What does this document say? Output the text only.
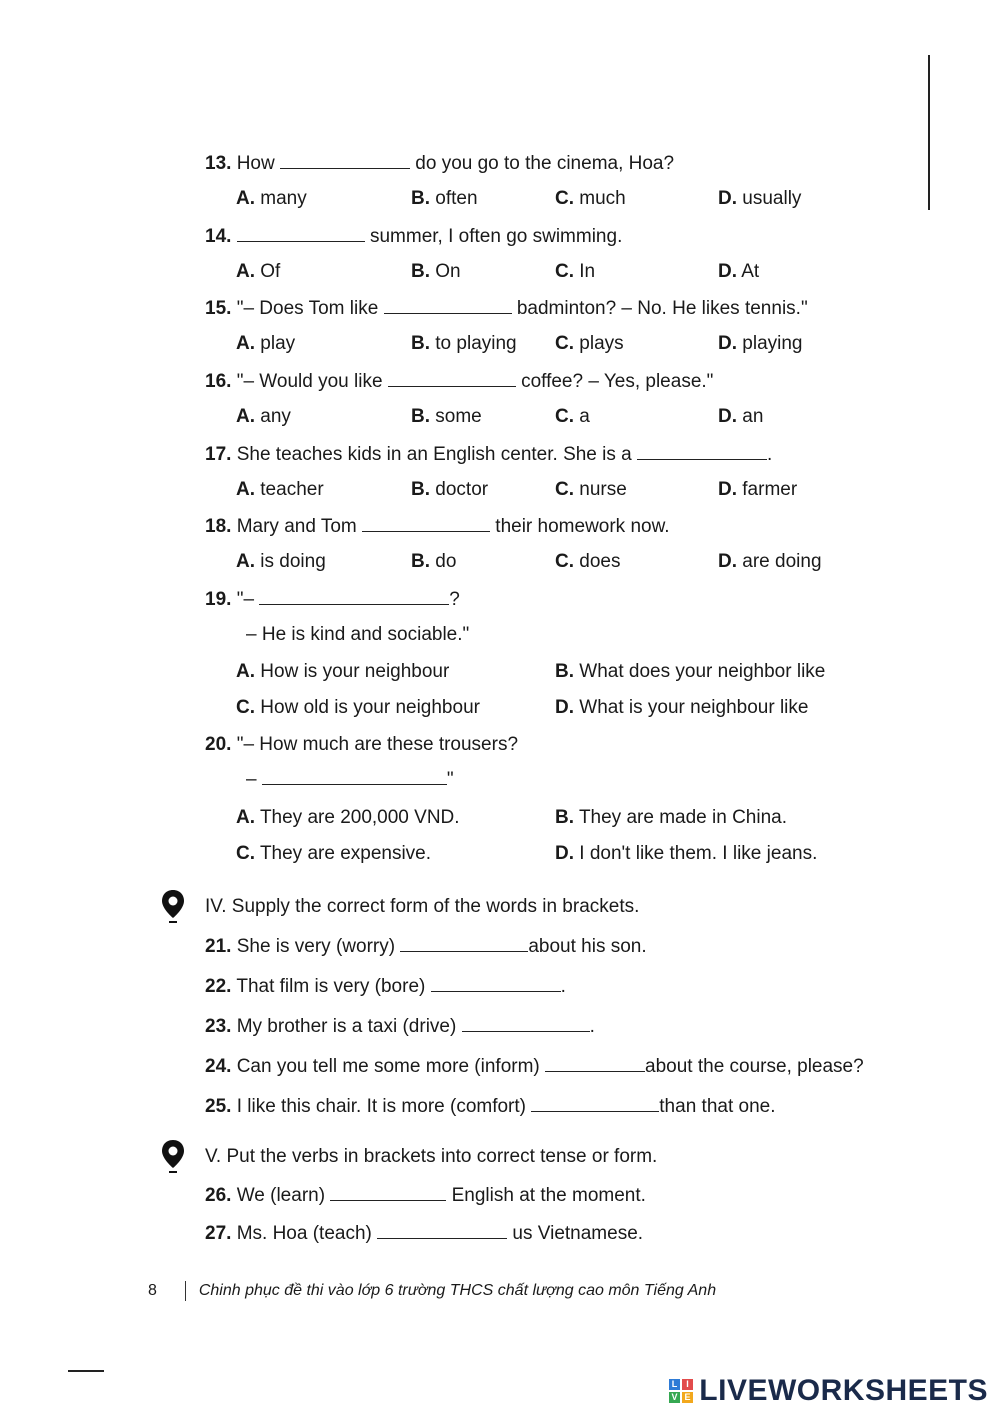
13. How	do you go to the cinema, Hoa?
A. many	B. often	C. much	D. usually
14.	summer, I often go swimming.
A. Of	B. On	C. In	D. At
15. "– Does Tom like	badminton? – No. He likes tennis."
A. play	B. to playing C. plays	D. playing
16. "– Would you like	coffee? – Yes, please."
A. any	B. some	C. a	D. an
17. She teaches kids in an English center. She is a	.
A. teacher	B. doctor	C. nurse	D. farmer
18. Mary and Tom	their homework now.
A. is doing	B. do	C. does	D. are doing
19. "–	?
– He is kind and sociable."
A. How is your neighbour	B. What does your neighbor like
C. How old is your neighbour	D. What is your neighbour like
20. "– How much are these trousers?
–	"
A. They are 200,000 VND.	B. They are made in China.
C. They are expensive.	D. I don't like them. I like jeans.
IV. Supply the correct form of the words in brackets.
21. She is very (worry)	about his son.
22. That film is very (bore)	.
23. My brother is a taxi (drive)	.
24. Can you tell me some more (inform)	about the course, please?
25. I like this chair. It is more (comfort)	than that one.
V. Put the verbs in brackets into correct tense or form.
26. We (learn)	English at the moment.
27. Ms. Hoa (teach)	us Vietnamese.
8	Chinh phục đề thi vào lớp 6 trường THCS chất lượng cao môn Tiếng Anh
L I
V E LIVEWORKSHEETS
